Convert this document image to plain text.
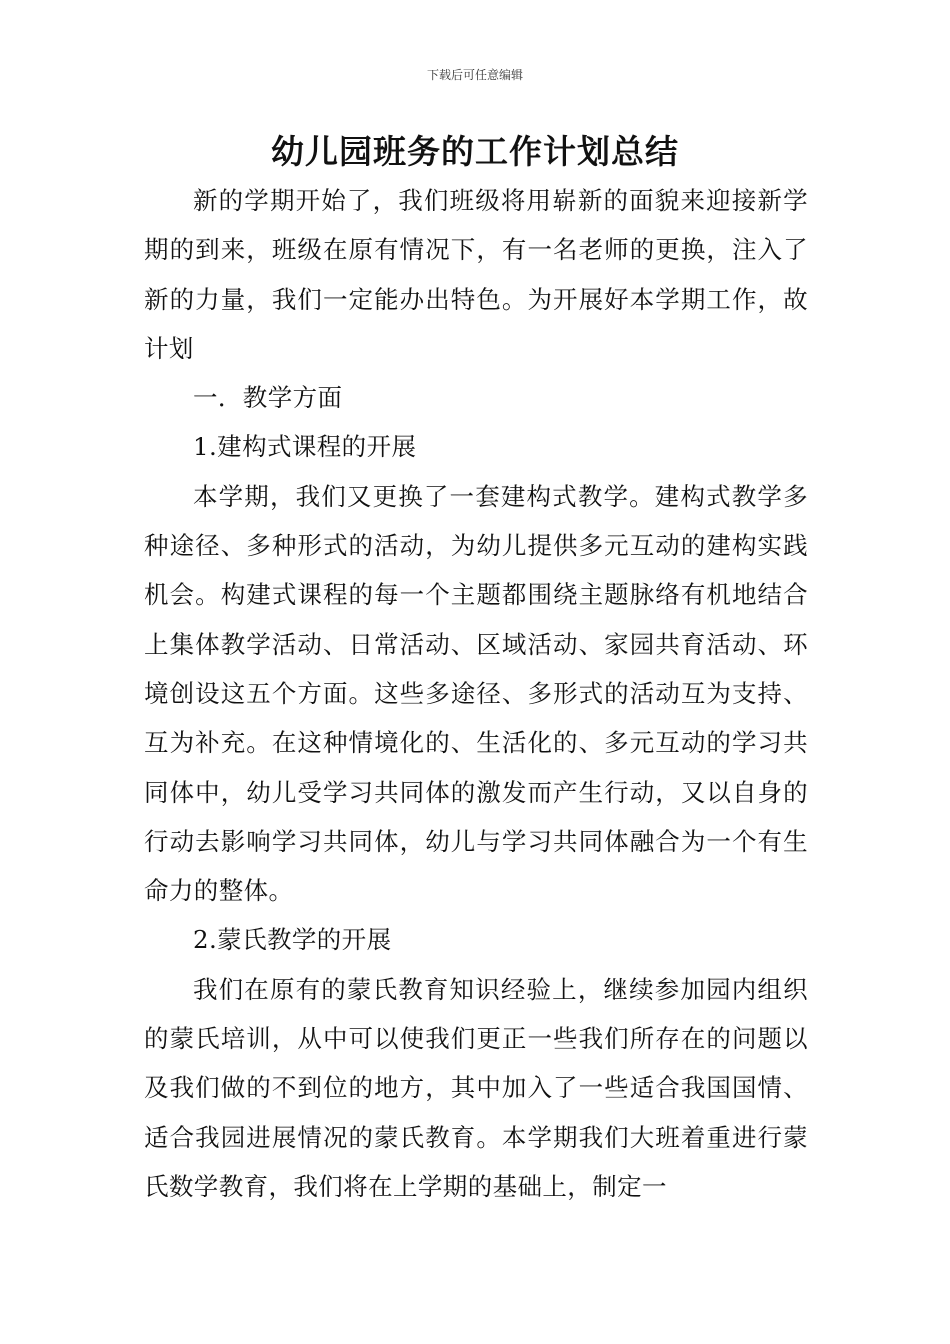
下载后可任意编辑
幼儿园班务的工作计划总结

新的学期开始了，我们班级将用崭新的面貌来迎接新学期的到来，班级在原有情况下，有一名老师的更换，注入了新的力量，我们一定能办出特色。为开展好本学期工作，故计划

一．教学方面

1.建构式课程的开展

本学期，我们又更换了一套建构式教学。建构式教学多种途径、多种形式的活动，为幼儿提供多元互动的建构实践机会。构建式课程的每一个主题都围绕主题脉络有机地结合上集体教学活动、日常活动、区域活动、家园共育活动、环境创设这五个方面。这些多途径、多形式的活动互为支持、互为补充。在这种情境化的、生活化的、多元互动的学习共同体中，幼儿受学习共同体的激发而产生行动，又以自身的行动去影响学习共同体，幼儿与学习共同体融合为一个有生命力的整体。

2.蒙氏教学的开展

我们在原有的蒙氏教育知识经验上，继续参加园内组织的蒙氏培训，从中可以使我们更正一些我们所存在的问题以及我们做的不到位的地方，其中加入了一些适合我国国情、适合我园进展情况的蒙氏教育。本学期我们大班着重进行蒙氏数学教育，我们将在上学期的基础上，制定一
